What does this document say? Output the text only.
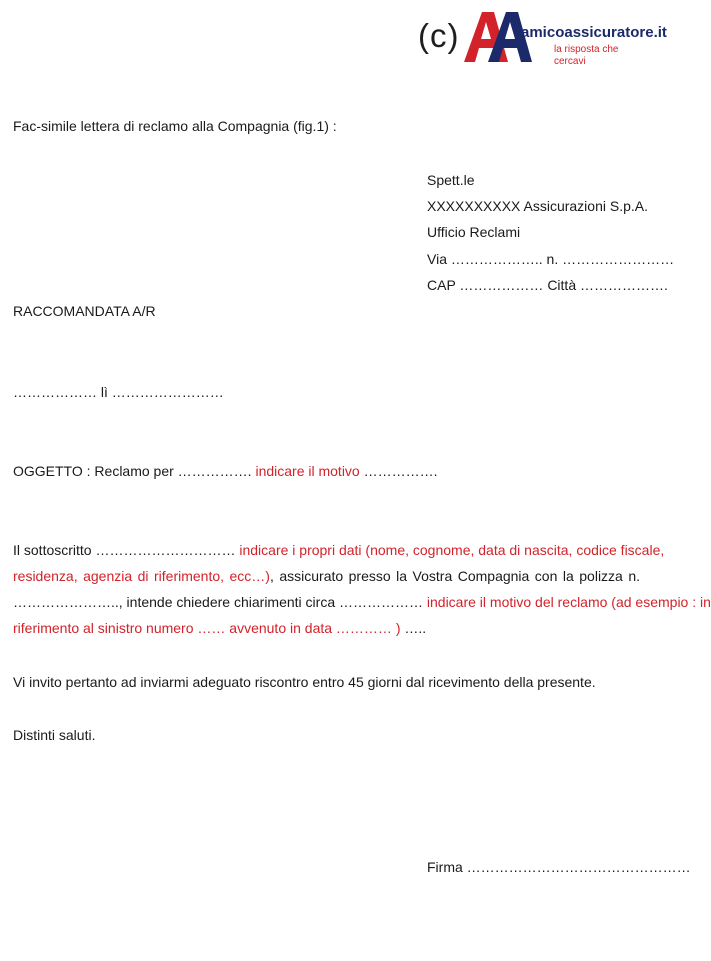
(c)	amicoassicuratore.it
la risposta che cercavi
Fac-simile lettera di reclamo alla Compagnia (fig.1) :
Spett.le
XXXXXXXXXX Assicurazioni S.p.A.
Ufficio Reclami
Via ……………….. n. ……………………
CAP ……………… Città ……………….
RACCOMANDATA A/R
……………… lì ……………………
OGGETTO : Reclamo per ……………. indicare il motivo …………….
Il sottoscritto ………………………… indicare i propri dati (nome, cognome, data di nascita, codice fiscale,
residenza, agenzia di riferimento, ecc…), assicurato presso la Vostra Compagnia con la polizza n.
………………….., intende chiedere chiarimenti circa ……………… indicare il motivo del reclamo (ad esempio : in
riferimento al sinistro numero …… avvenuto in data ………… ) …..
Vi invito pertanto ad inviarmi adeguato riscontro entro 45 giorni dal ricevimento della presente.
Distinti saluti.
Firma …………………………………………
